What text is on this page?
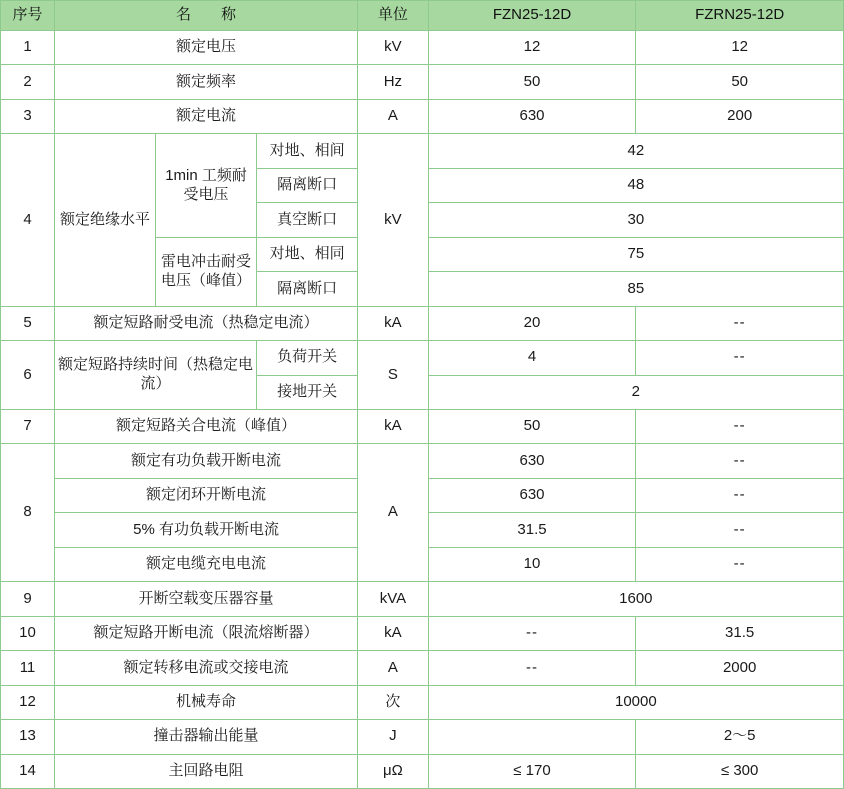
序号	名　　称			单位	FZN25-12D	FZRN25-12D
1	额定电压			kV	12	12
2	额定频率			Hz	50	50
3	额定电流			A	630	200
4	额定绝缘水平	1min 工频耐受电压	对地、相间	kV	42	
			隔离断口		48	
			真空断口		30	
		雷电冲击耐受电压（峰值）	对地、相同		75	
			隔离断口		85	
5	额定短路耐受电流（热稳定电流）			kA	20	--
6	额定短路持续时间（热稳定电流）		负荷开关	S	4	--
			接地开关		2	
7	额定短路关合电流（峰值）			kA	50	--
8	额定有功负载开断电流			A	630	--
	额定闭环开断电流				630	--
	5% 有功负载开断电流				31.5	--
	额定电缆充电电流				10	--
9	开断空载变压器容量			kVA	1600	
10	额定短路开断电流（限流熔断器）			kA	--	31.5
11	额定转移电流或交接电流			A	--	2000
12	机械寿命			次	10000	
13	撞击器输出能量			J		2～5
14	主回路电阻			μΩ	≤ 170	≤ 300
